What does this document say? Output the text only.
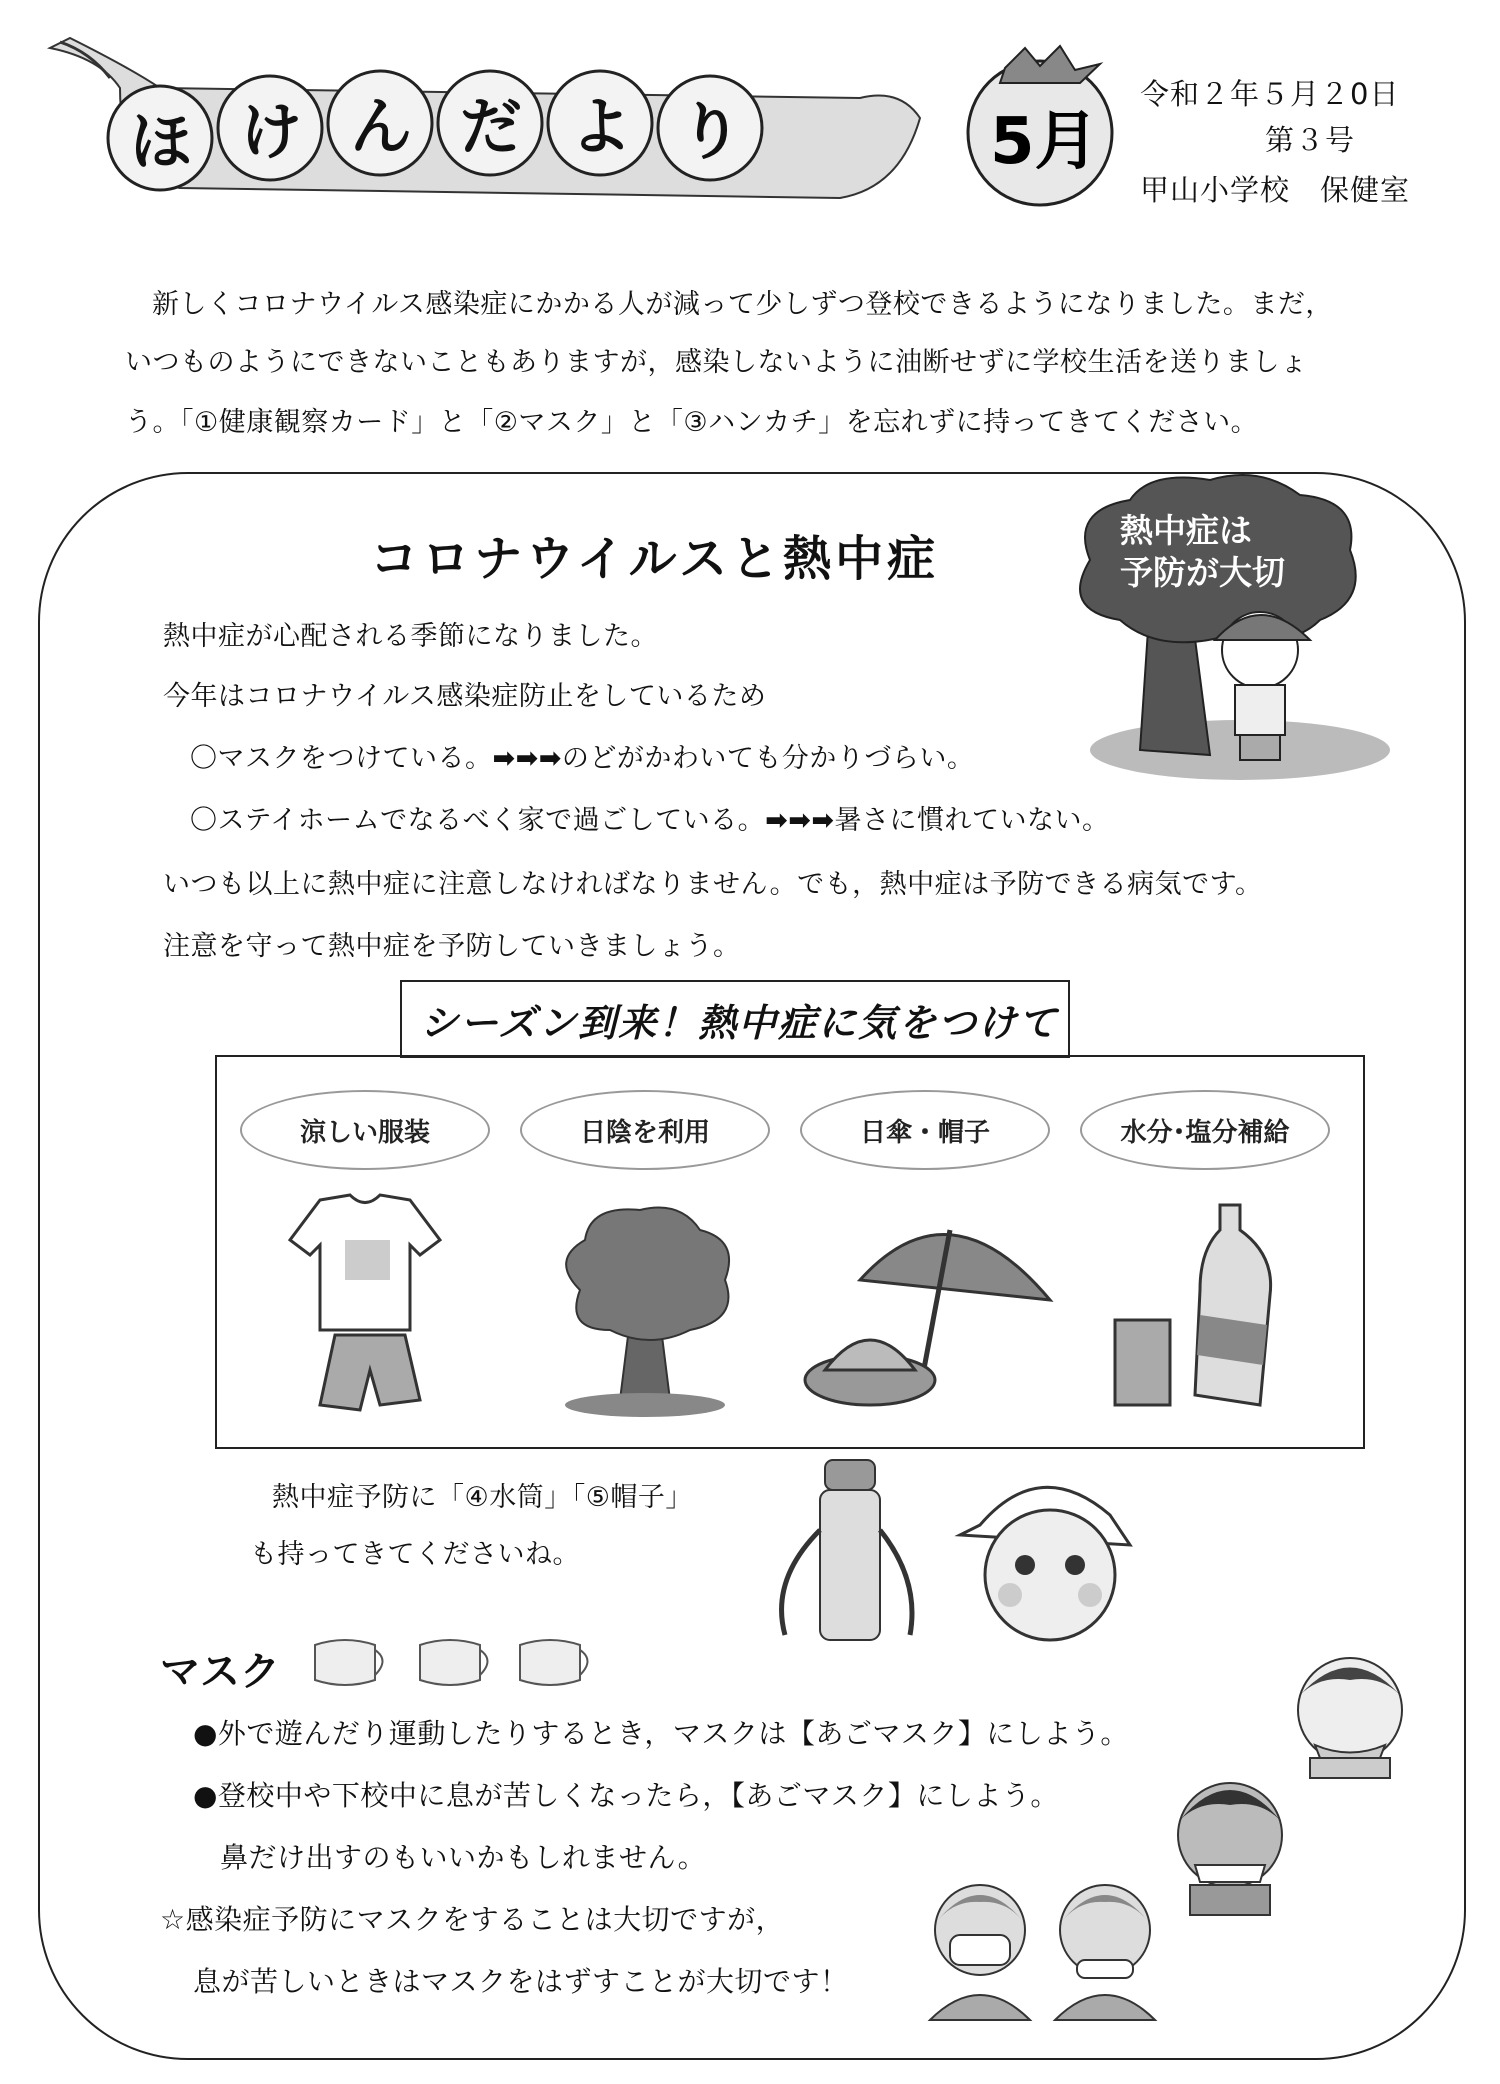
ほ け ん だ よ り	5月
令和２年５月２0日
第３号
甲山小学校　保健室
新しくコロナウイルス感染症にかかる人が減って少しずつ登校できるようになりました。まだ，
いつものようにできないこともありますが，感染しないように油断せずに学校生活を送りましょ
う。「①健康観察カード」と「②マスク」と「③ハンカチ」を忘れずに持ってきてください。
コロナウイルスと熱中症
熱中症は
予防が大切
熱中症が心配される季節になりました。
今年はコロナウイルス感染症防止をしているため
〇マスクをつけている。➡➡➡のどがかわいても分かりづらい。
〇ステイホームでなるべく家で過ごしている。➡➡➡暑さに慣れていない。
いつも以上に熱中症に注意しなければなりません。でも，熱中症は予防できる病気です。
注意を守って熱中症を予防していきましょう。
シーズン到来！熱中症に気をつけて
涼しい服装	日陰を利用	日傘・帽子	水分･塩分補給
熱中症予防に「④水筒」「⑤帽子」
も持ってきてくださいね。
マスク
●外で遊んだり運動したりするとき，マスクは【あごマスク】にしよう。
●登校中や下校中に息が苦しくなったら，【あごマスク】にしよう。
鼻だけ出すのもいいかもしれません。
☆感染症予防にマスクをすることは大切ですが，
息が苦しいときはマスクをはずすことが大切です！
